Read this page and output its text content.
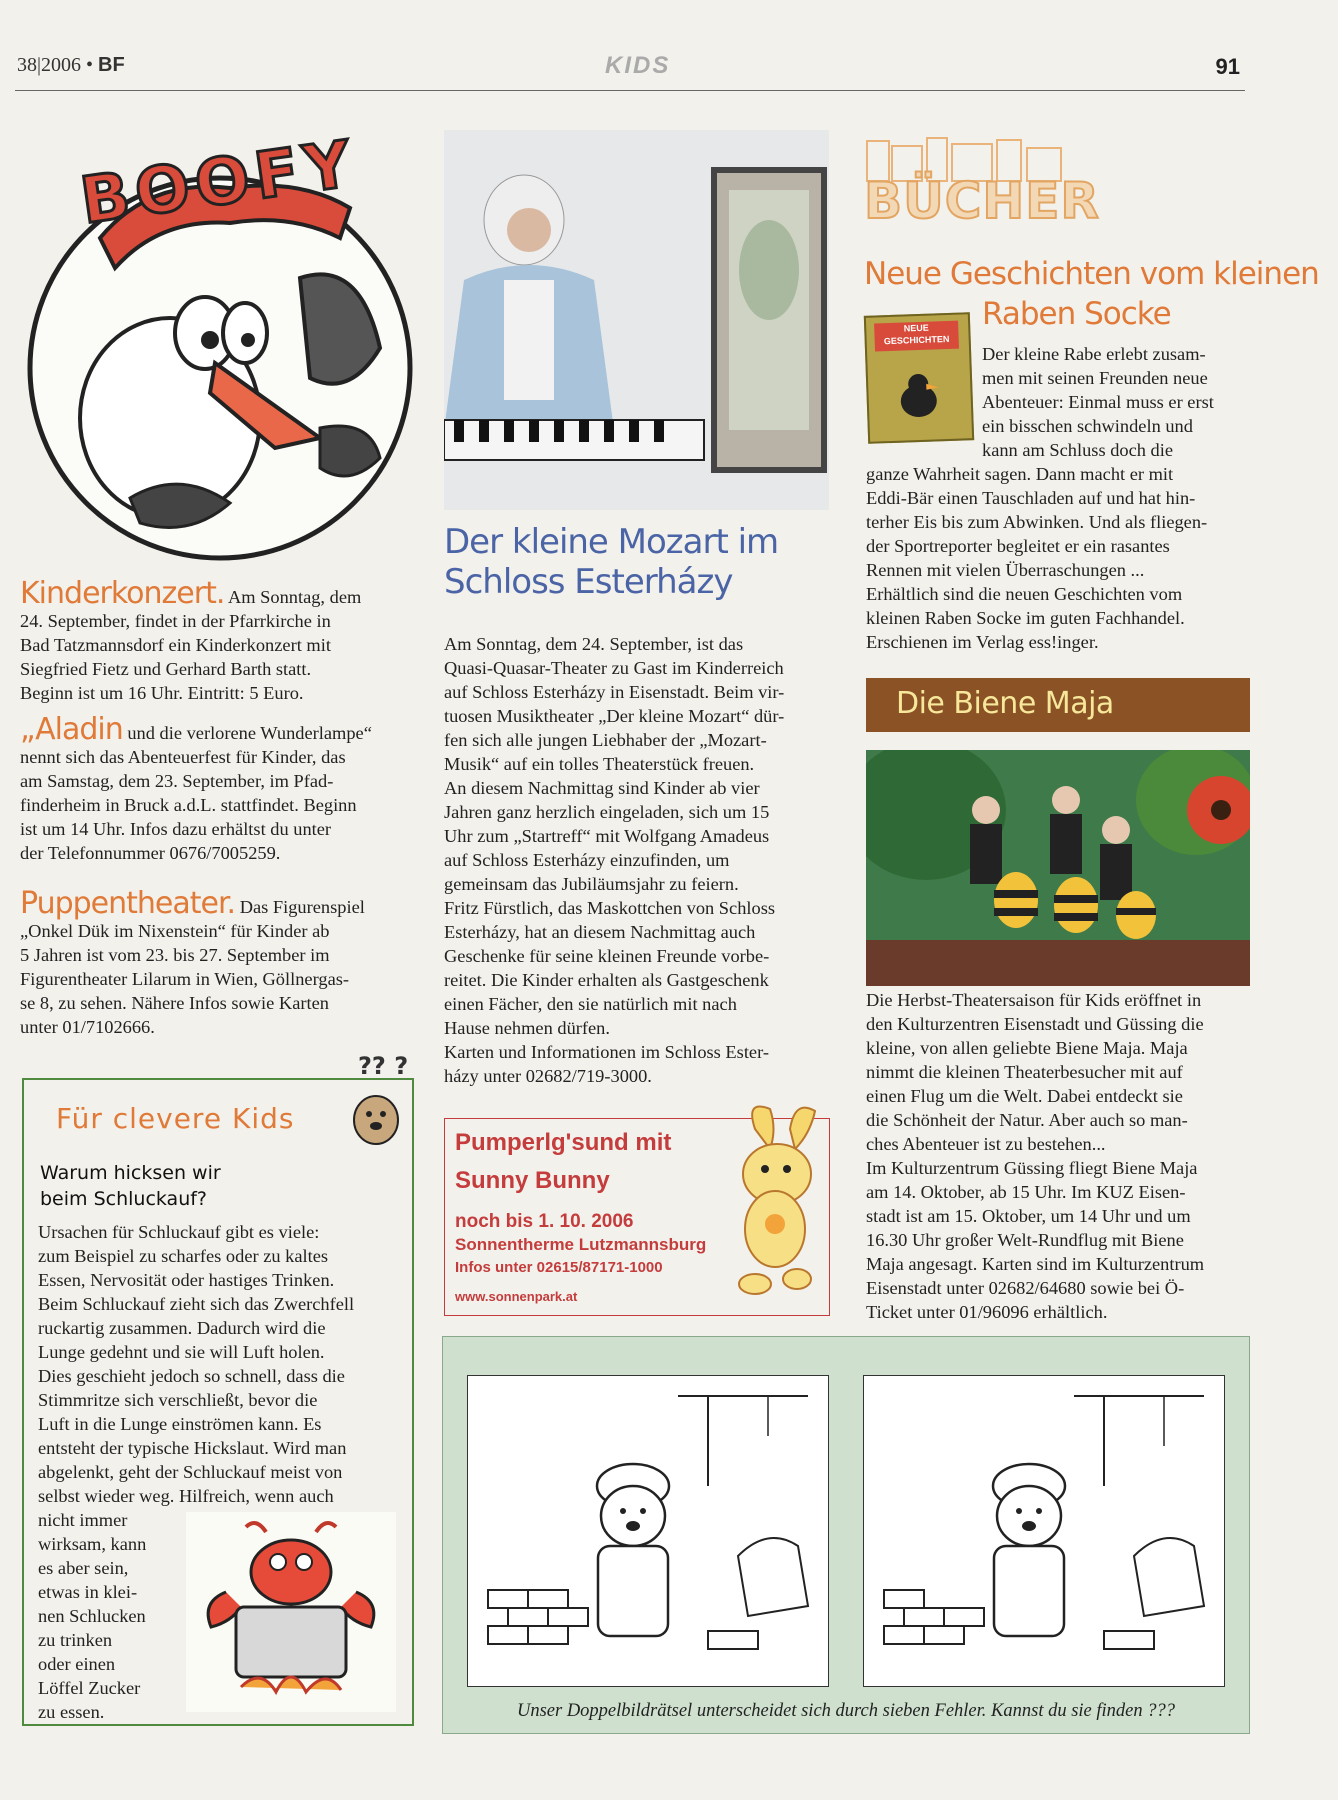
38|2006 • BF	KIDS	91
BOOFY
Kinderkonzert. Am Sonntag, dem
24. September, findet in der Pfarrkirche in
Bad Tatzmannsdorf ein Kinderkonzert mit
Siegfried Fietz und Gerhard Barth statt.
Beginn ist um 16 Uhr. Eintritt: 5 Euro.
„Aladin und die verlorene Wunderlampe“
nennt sich das Abenteuerfest für Kinder, das
am Samstag, dem 23. September, im Pfad-
finderheim in Bruck a.d.L. stattfindet. Beginn
ist um 14 Uhr. Infos dazu erhältst du unter
der Telefonnummer 0676/7005259.
Puppentheater. Das Figurenspiel
„Onkel Dük im Nixenstein“ für Kinder ab
5 Jahren ist vom 23. bis 27. September im
Figurentheater Lilarum in Wien, Göllnergas-
se 8, zu sehen. Nähere Infos sowie Karten
unter 01/7102666.
Für clevere Kids
?? ?
Warum hicksen wir
beim Schluckauf?
Ursachen für Schluckauf gibt es viele:
zum Beispiel zu scharfes oder zu kaltes
Essen, Nervosität oder hastiges Trinken.
Beim Schluckauf zieht sich das Zwerchfell
ruckartig zusammen. Dadurch wird die
Lunge gedehnt und sie will Luft holen.
Dies geschieht jedoch so schnell, dass die
Stimmritze sich verschließt, bevor die
Luft in die Lunge einströmen kann. Es
entsteht der typische Hickslaut. Wird man
abgelenkt, geht der Schluckauf meist von
selbst wieder weg. Hilfreich, wenn auch
nicht immer
wirksam, kann
es aber sein,
etwas in klei-
nen Schlucken
zu trinken
oder einen
Löffel Zucker
zu essen.
Der kleine Mozart im
Schloss Esterházy
Am Sonntag, dem 24. September, ist das
Quasi-Quasar-Theater zu Gast im Kinderreich
auf Schloss Esterházy in Eisenstadt. Beim vir-
tuosen Musiktheater „Der kleine Mozart“ dür-
fen sich alle jungen Liebhaber der „Mozart-
Musik“ auf ein tolles Theaterstück freuen.
An diesem Nachmittag sind Kinder ab vier
Jahren ganz herzlich eingeladen, sich um 15
Uhr zum „Startreff“ mit Wolfgang Amadeus
auf Schloss Esterházy einzufinden, um
gemeinsam das Jubiläumsjahr zu feiern.
Fritz Fürstlich, das Maskottchen von Schloss
Esterházy, hat an diesem Nachmittag auch
Geschenke für seine kleinen Freunde vorbe-
reitet. Die Kinder erhalten als Gastgeschenk
einen Fächer, den sie natürlich mit nach
Hause nehmen dürfen.
Karten und Informationen im Schloss Ester-
házy unter 02682/719-3000.
Pumperlg'sund mit
Sunny Bunny
noch bis 1. 10. 2006
Sonnentherme Lutzmannsburg
Infos unter 02615/87171-1000
www.sonnenpark.at
BÜCHER
Neue Geschichten vom kleinen
Raben Socke
NEUE
GESCHICHTEN
Der kleine Rabe erlebt zusam-
men mit seinen Freunden neue
Abenteuer: Einmal muss er erst
ein bisschen schwindeln und
kann am Schluss doch die
ganze Wahrheit sagen. Dann macht er mit
Eddi-Bär einen Tauschladen auf und hat hin-
terher Eis bis zum Abwinken. Und als fliegen-
der Sportreporter begleitet er ein rasantes
Rennen mit vielen Überraschungen ...
Erhältlich sind die neuen Geschichten vom
kleinen Raben Socke im guten Fachhandel.
Erschienen im Verlag ess!inger.
Die Biene Maja
Die Herbst-Theatersaison für Kids eröffnet in
den Kulturzentren Eisenstadt und Güssing die
kleine, von allen geliebte Biene Maja. Maja
nimmt die kleinen Theaterbesucher mit auf
einen Flug um die Welt. Dabei entdeckt sie
die Schönheit der Natur. Aber auch so man-
ches Abenteuer ist zu bestehen...
Im Kulturzentrum Güssing fliegt Biene Maja
am 14. Oktober, ab 15 Uhr. Im KUZ Eisen-
stadt ist am 15. Oktober, um 14 Uhr und um
16.30 Uhr großer Welt-Rundflug mit Biene
Maja angesagt. Karten sind im Kulturzentrum
Eisenstadt unter 02682/64680 sowie bei Ö-
Ticket unter 01/96096 erhältlich.
Unser Doppelbildrätsel unterscheidet sich durch sieben Fehler. Kannst du sie finden ???
